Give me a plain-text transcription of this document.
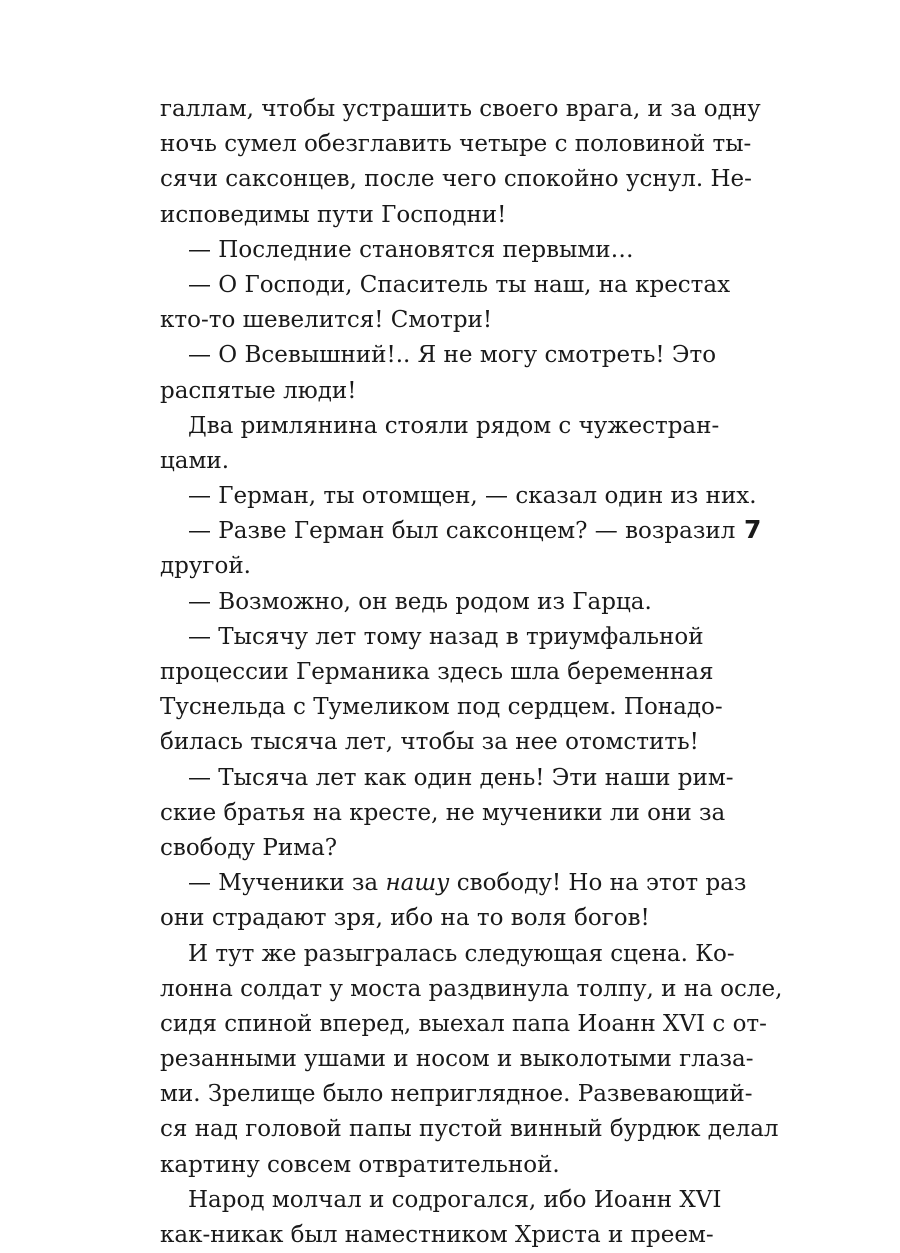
галлам, чтобы устрашить своего врага, и за одну
ночь сумел обезглавить четыре с половиной ты-
сячи саксонцев, после чего спокойно уснул. Не-
исповедимы пути Господни!
— Последние становятся первыми…
— О Господи, Спаситель ты наш, на крестах
кто-то шевелится! Смотри!
— О Всевышний!.. Я не могу смотреть! Это
распятые люди!
Два римлянина стояли рядом с чужестран-
цами.
— Герман, ты отомщен, — сказал один из них.
— Разве Герман был саксонцем? — возразил
другой.
— Возможно, он ведь родом из Гарца.
— Тысячу лет тому назад в триумфальной
процессии Германика здесь шла беременная
Туснельда с Тумеликом под сердцем. Понадо-
билась тысяча лет, чтобы за нее отомстить!
— Тысяча лет как один день! Эти наши рим-
ские братья на кресте, не мученики ли они за
свободу Рима?
— Мученики за нашу свободу! Но на этот раз
они страдают зря, ибо на то воля богов!
И тут же разыгралась следующая сцена. Ко-
лонна солдат у моста раздвинула толпу, и на осле,
сидя спиной вперед, выехал папа Иоанн XVI с от-
резанными ушами и носом и выколотыми глаза-
ми. Зрелище было неприглядное. Развевающий-
ся над головой папы пустой винный бурдюк делал
картину совсем отвратительной.
Народ молчал и содрогался, ибо Иоанн XVI
как-никак был наместником Христа и преем-
7
